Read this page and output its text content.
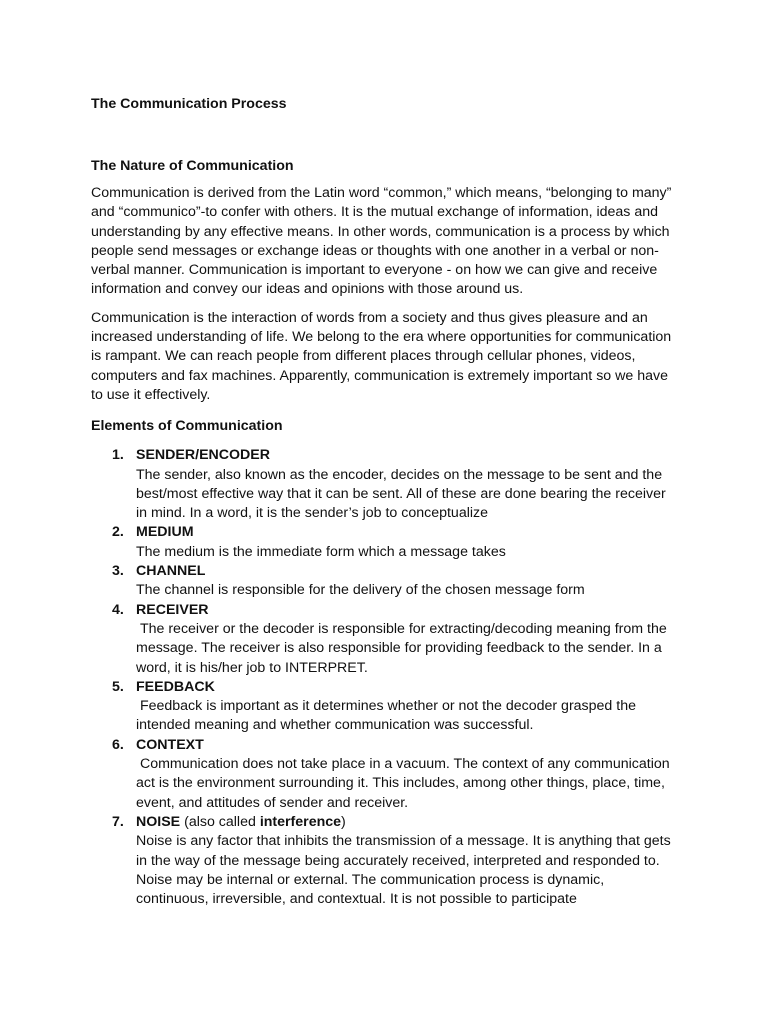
The Communication Process
The Nature of Communication

Communication is derived from the Latin word “common,” which means, “belonging to many” and “communico”-to confer with others. It is the mutual exchange of information, ideas and understanding by any effective means. In other words, communication is a process by which people send messages or exchange ideas or thoughts with one another in a verbal or non-verbal manner. Communication is important to everyone - on how we can give and receive information and convey our ideas and opinions with those around us.

Communication is the interaction of words from a society and thus gives pleasure and an increased understanding of life. We belong to the era where opportunities for communication is rampant. We can reach people from different places through cellular phones, videos, computers and fax machines. Apparently, communication is extremely important so we have to use it effectively.

Elements of Communication
1. SENDER/ENCODER
The sender, also known as the encoder, decides on the message to be sent and the best/most effective way that it can be sent. All of these are done bearing the receiver in mind. In a word, it is the sender’s job to conceptualize
2. MEDIUM
The medium is the immediate form which a message takes
3. CHANNEL
The channel is responsible for the delivery of the chosen message form
4. RECEIVER
The receiver or the decoder is responsible for extracting/decoding meaning from the message. The receiver is also responsible for providing feedback to the sender. In a word, it is his/her job to INTERPRET.
5. FEEDBACK
Feedback is important as it determines whether or not the decoder grasped the intended meaning and whether communication was successful.
6. CONTEXT
Communication does not take place in a vacuum. The context of any communication act is the environment surrounding it. This includes, among other things, place, time, event, and attitudes of sender and receiver.
7. NOISE (also called interference)
Noise is any factor that inhibits the transmission of a message. It is anything that gets in the way of the message being accurately received, interpreted and responded to. Noise may be internal or external. The communication process is dynamic, continuous, irreversible, and contextual. It is not possible to participate
